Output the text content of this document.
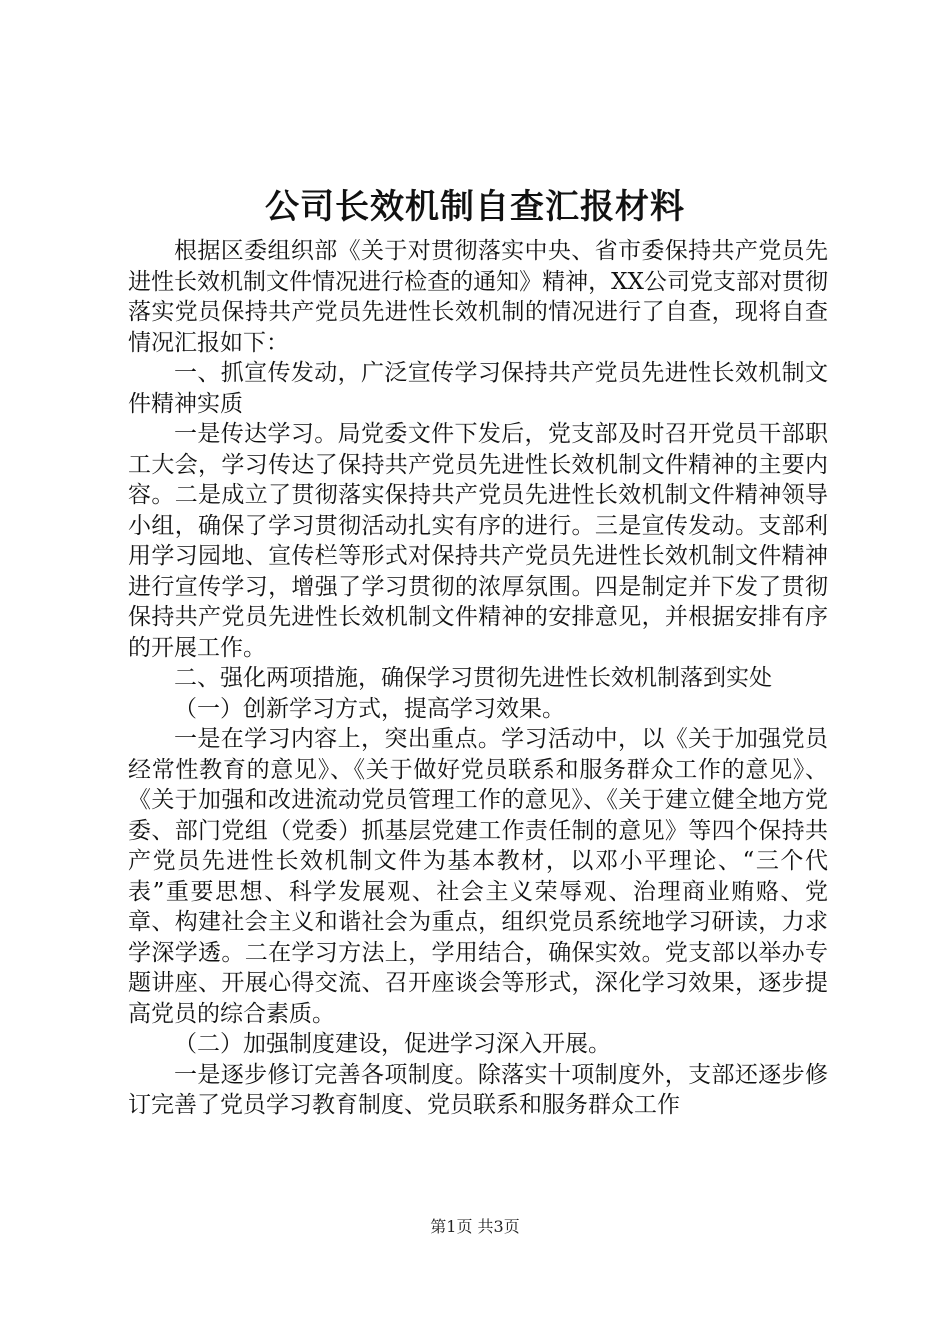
公司长效机制自查汇报材料

根据区委组织部《关于对贯彻落实中央、省市委保持共产党员先进性长效机制文件情况进行检查的通知》精神，XX公司党支部对贯彻落实党员保持共产党员先进性长效机制的情况进行了自查，现将自查情况汇报如下：

一、抓宣传发动，广泛宣传学习保持共产党员先进性长效机制文件精神实质

一是传达学习。局党委文件下发后，党支部及时召开党员干部职工大会，学习传达了保持共产党员先进性长效机制文件精神的主要内容。二是成立了贯彻落实保持共产党员先进性长效机制文件精神领导小组，确保了学习贯彻活动扎实有序的进行。三是宣传发动。支部利用学习园地、宣传栏等形式对保持共产党员先进性长效机制文件精神进行宣传学习，增强了学习贯彻的浓厚氛围。四是制定并下发了贯彻保持共产党员先进性长效机制文件精神的安排意见，并根据安排有序的开展工作。

二、强化两项措施，确保学习贯彻先进性长效机制落到实处

（一）创新学习方式，提高学习效果。

一是在学习内容上，突出重点。学习活动中，以《关于加强党员经常性教育的意见》、《关于做好党员联系和服务群众工作的意见》、《关于加强和改进流动党员管理工作的意见》、《关于建立健全地方党委、部门党组（党委）抓基层党建工作责任制的意见》等四个保持共产党员先进性长效机制文件为基本教材，以邓小平理论、“三个代表”重要思想、科学发展观、社会主义荣辱观、治理商业贿赂、党章、构建社会主义和谐社会为重点，组织党员系统地学习研读，力求学深学透。二在学习方法上，学用结合，确保实效。党支部以举办专题讲座、开展心得交流、召开座谈会等形式，深化学习效果，逐步提高党员的综合素质。

（二）加强制度建设，促进学习深入开展。

一是逐步修订完善各项制度。除落实十项制度外，支部还逐步修订完善了党员学习教育制度、党员联系和服务群众工作

第1页 共3页
